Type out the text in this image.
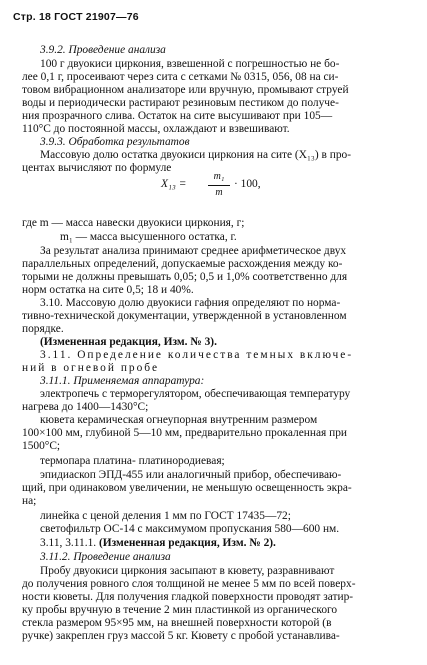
Стр. 18 ГОСТ 21907—76
3.9.2. Проведение анализа
100 г двуокиси циркония, взвешенной с погрешностью не бо-
лее 0,1 г, просеивают через сита с сетками № 0315, 056, 08 на си-
товом вибрационном анализаторе или вручную, промывают струей
воды и периодически растирают резиновым пестиком до получе-
ния прозрачного слива. Остаток на сите высушивают при 105—
110°C до постоянной массы, охлаждают и взвешивают.
3.9.3. Обработка результатов
Массовую долю остатка двуокиси циркония на сите (X₁₃) в про-
центах вычисляют по формуле
где m — масса навески двуокиси циркония, г;
m₁ — масса высушенного остатка, г.
За результат анализа принимают среднее арифметическое двух
параллельных определений, допускаемые расхождения между ко-
торыми не должны превышать 0,05; 0,5 и 1,0% соответственно для
норм остатка на сите 0,5; 18 и 40%.
3.10. Массовую долю двуокиси гафния определяют по норма-
тивно-технической документации, утвержденной в установленном
порядке.
(Измененная редакция, Изм. № 3).
3.11. Определение количества темных включе-
ний в огневой пробе
3.11.1. Применяемая аппаратура:
электропечь с терморегулятором, обеспечивающая температуру
нагрева до 1400—1430°C;
кювета керамическая огнеупорная внутренним размером
100×100 мм, глубиной 5—10 мм, предварительно прокаленная при
1500°C;
термопара платина- платинородиевая;
эпидиаскоп ЭПД-455 или аналогичный прибор, обеспечиваю-
щий, при одинаковом увеличении, не меньшую освещенность экра-
на;
линейка с ценой деления 1 мм по ГОСТ 17435—72;
светофильтр ОС-14 с максимумом пропускания 580—600 нм.
3.11, 3.11.1. (Измененная редакция, Изм. № 2).
3.11.2. Проведение анализа
Пробу двуокиси циркония засыпают в кювету, разравнивают
до получения ровного слоя толщиной не менее 5 мм по всей поверх-
ности кюветы. Для получения гладкой поверхности проводят затир-
ку пробы вручную в течение 2 мин пластинкой из органического
стекла размером 95×95 мм, на внешней поверхности которой (в
ручке) закреплен груз массой 5 кг. Кювету с пробой устанавлива-
X₁₃ =
m₁
m
· 100,
